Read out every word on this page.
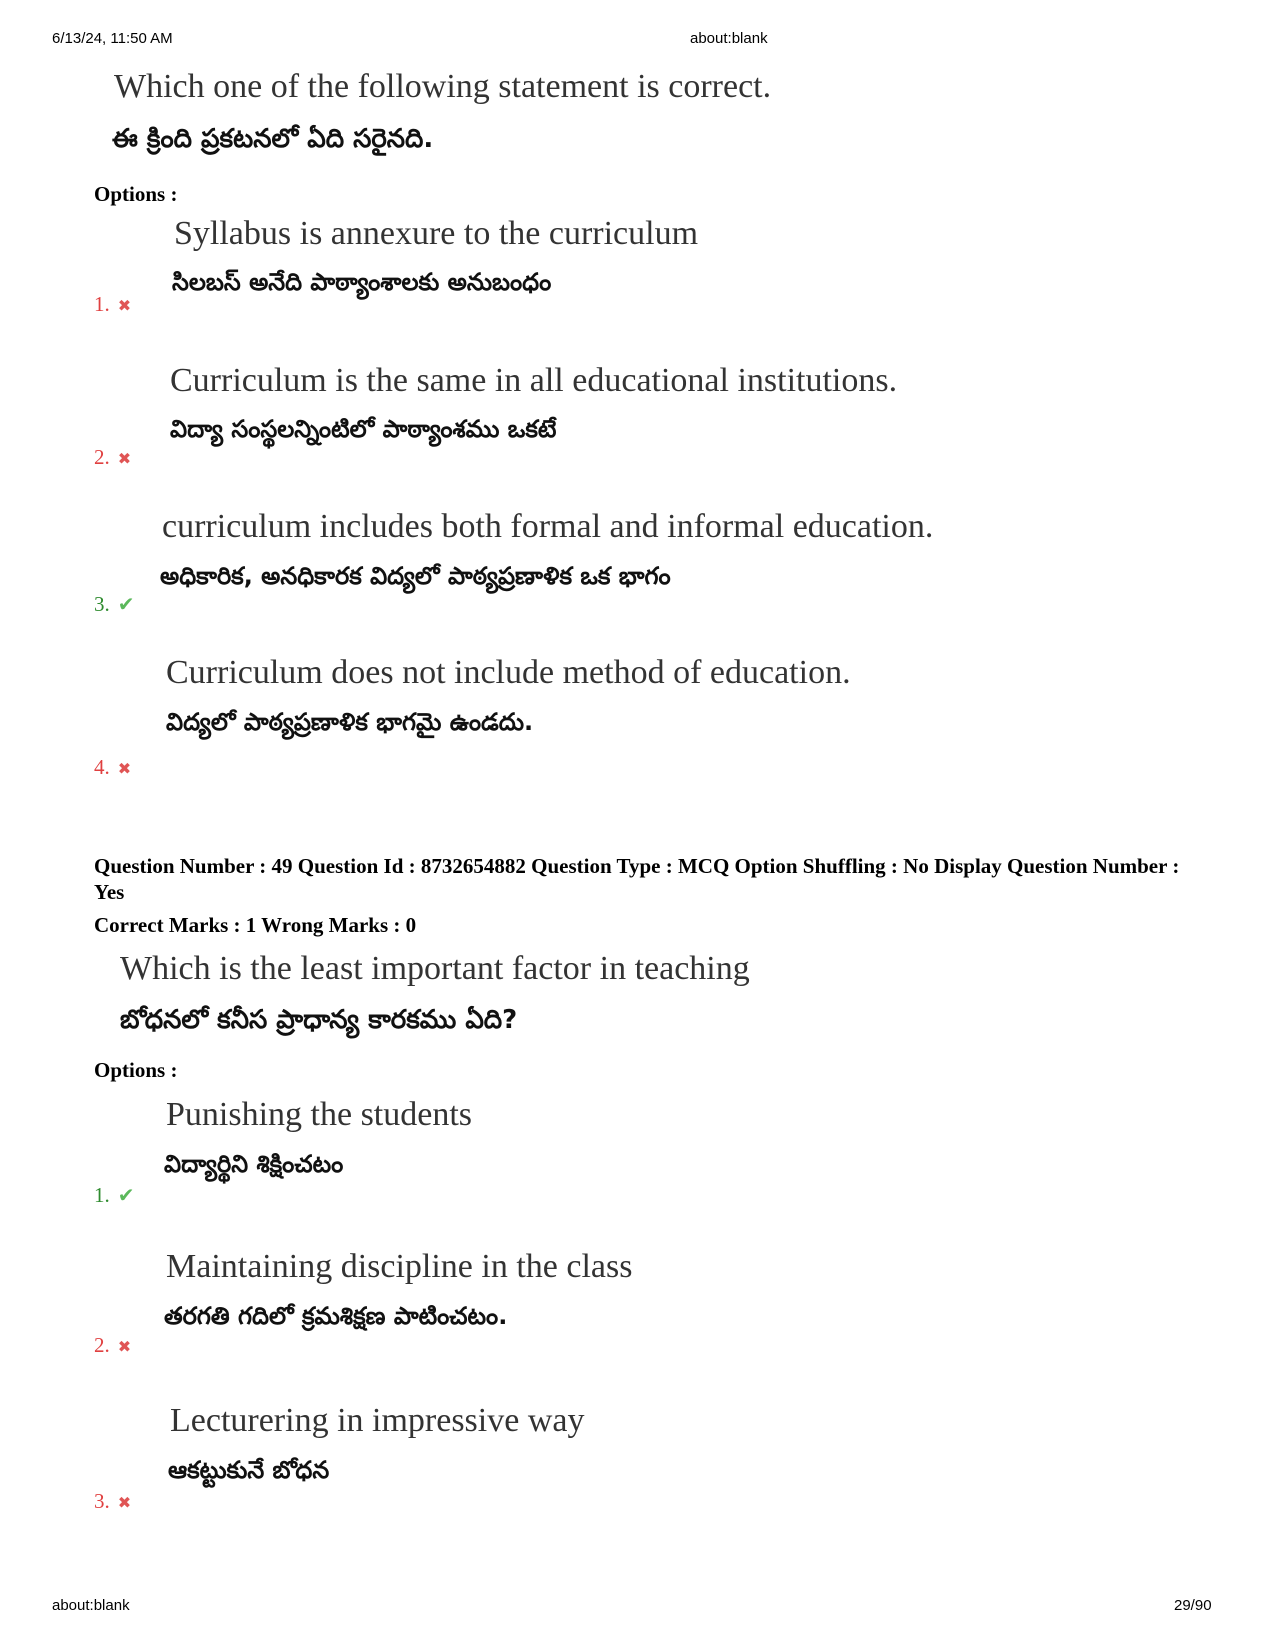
6/13/24, 11:50 AM	about:blank
Which one of the following statement is correct.
ఈ క్రింది ప్రకటనలో ఏది సరైనది.
Options :
Syllabus is annexure to the curriculum
సిలబస్ అనేది పాఠ్యాంశాలకు అనుబంధం
1. ✖
Curriculum is the same in all educational institutions.
విద్యా సంస్థలన్నింటిలో పాఠ్యాంశము ఒకటే
2. ✖
curriculum includes both formal and informal education.
అధికారిక, అనధికారక విద్యలో పాఠ్యప్రణాళిక ఒక భాగం
3. ✔
Curriculum does not include method of education.
విద్యలో పాఠ్యప్రణాళిక భాగమై ఉండదు.
4. ✖
Question Number : 49 Question Id : 8732654882 Question Type : MCQ Option Shuffling : No Display Question Number : Yes
Correct Marks : 1 Wrong Marks : 0
Which is the least important factor in teaching
బోధనలో కనీస ప్రాధాన్య కారకము ఏది?
Options :
Punishing the students
విద్యార్థిని శిక్షించటం
1. ✔
Maintaining discipline in the class
తరగతి గదిలో క్రమశిక్షణ పాటించటం.
2. ✖
Lecturering in impressive way
ఆకట్టుకునే బోధన
3. ✖
about:blank	29/90
